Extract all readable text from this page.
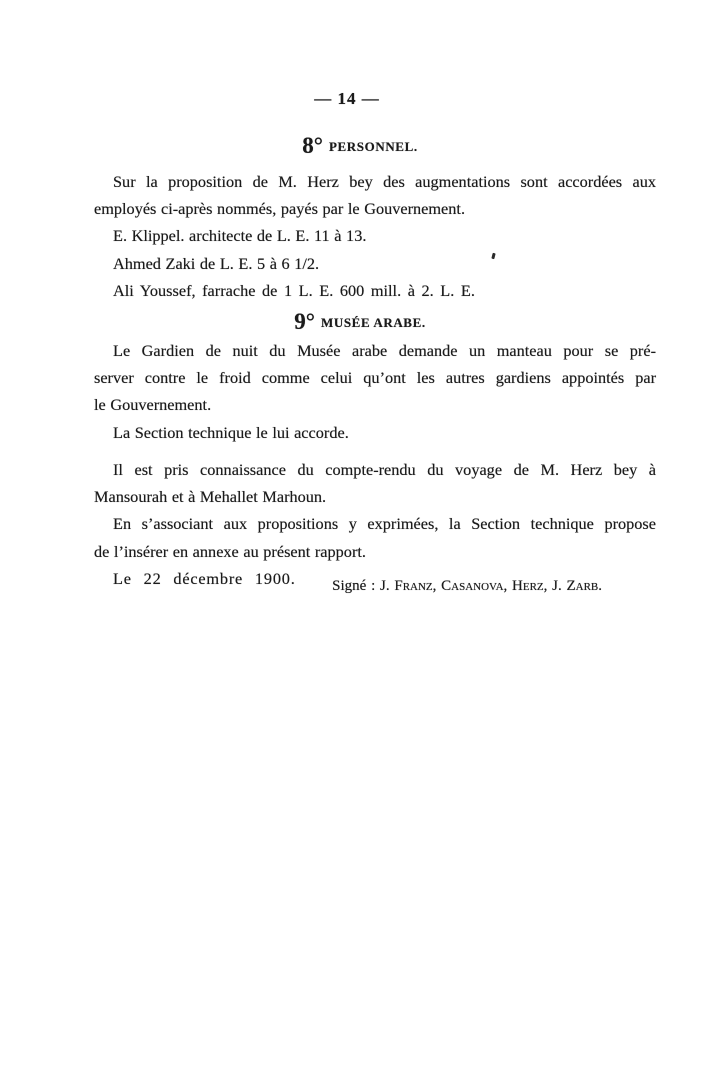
— 14 —
8° PERSONNEL.
Sur la proposition de M. Herz bey des augmentations sont accordées aux
employés ci-après nommés, payés par le Gouvernement.
E. Klippel. architecte de L. E. 11 à 13.
Ahmed Zaki de L. E. 5 à 6 1/2.
Ali Youssef, farrache de 1 L. E. 600 mill. à 2. L. E.
9° MUSÉE ARABE.
Le Gardien de nuit du Musée arabe demande un manteau pour se pré-
server contre le froid comme celui qu’ont les autres gardiens appointés par
le Gouvernement.
La Section technique le lui accorde.
Il est pris connaissance du compte-rendu du voyage de M. Herz bey à
Mansourah et à Mehallet Marhoun.
En s’associant aux propositions y exprimées, la Section technique propose
de l’insérer en annexe au présent rapport.
Le 22 décembre 1900.	Signé : J. Franz, Casanova, Herz, J. Zarb.
